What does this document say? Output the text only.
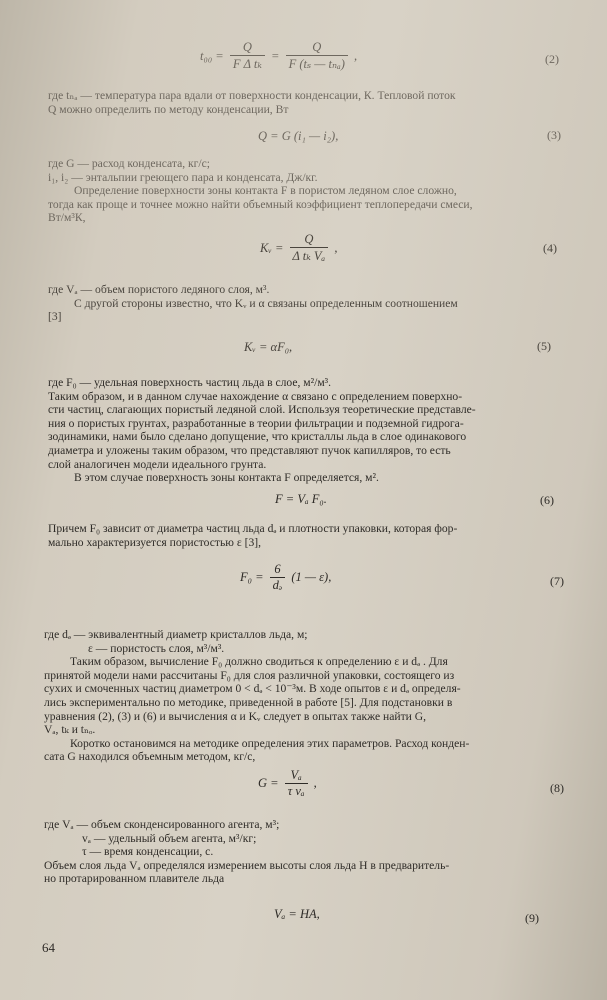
$t_{00} = \frac{Q}{\text{F Δ tₖ}} = \frac{Q}{\text{F (tₛ — tₙₐ)}}$ ,	(2)
где tₙₐ — температура пара вдали от поверхности конденсации, К. Тепловой поток
Q можно определить по методу конденсации, Вт
Q = G (i₁ — i₂),	(3)
где G — расход конденсата, кг/с;
i₁, i₂ — энтальпии греющего пара и конденсата, Дж/кг.
Определение поверхности зоны контакта F в пористом ледяном слое сложно,
тогда как проще и точнее можно найти объемный коэффициент теплопередачи смеси,
Вт/м³К,
Kᵥ = $\frac{Q}{\text{Δ tₖ Vₐ}}$ ,	(4)
где Vₐ — объем пористого ледяного слоя, м³.
С другой стороны известно, что Kᵥ и α связаны определенным соотношением
[3]
Kᵥ = αF₀,	(5)
где F₀ — удельная поверхность частиц льда в слое, м²/м³.
Таким образом, и в данном случае нахождение α связано с определением поверхно-
сти частиц, слагающих пористый ледяной слой. Используя теоретические представле-
ния о пористых грунтах, разработанные в теории фильтрации и подземной гидрога-
зодинамики, нами было сделано допущение, что кристаллы льда в слое одинакового
диаметра и уложены таким образом, что представляют пучок капилляров, то есть
слой аналогичен модели идеального грунта.
В этом случае поверхность зоны контакта F определяется, м².
F = Vₐ F₀.	(6)
Причем F₀ зависит от диаметра частиц льда dₔ и плотности упаковки, которая фор-
мально характеризуется пористостью ε [3],
$F_0 = \frac{6}{\text{dₔ}} (1$ — ε),	(7)
где dₔ — эквивалентный диаметр кристаллов льда, м;
ε — пористость слоя, м³/м³.
Таким образом, вычисление F₀ должно сводиться к определению ε и dₔ . Для
принятой модели нами рассчитаны F₀ для слоя различной упаковки, состоящего из
сухих и смоченных частиц диаметром 0 < dₔ < 10⁻³м. В ходе опытов ε и dₔ определя-
лись экспериментально по методике, приведенной в работе [5]. Для подстановки в
уравнения (2), (3) и (6) и вычисления α и Kᵥ следует в опытах также найти G,
Vₐ, tₖ и tₙₒ.
Коротко остановимся на методике определения этих параметров. Расход конден-
сата G находился объемным методом, кг/с,
$G = \frac{\text{Vₐ}}{\text{τ vₐ}}$ ,	(8)
где Vₐ — объем сконденсированного агента, м³;
vₐ — удельный объем агента, м³/кг;
τ — время конденсации, с.
Объем слоя льда Vₐ определялся измерением высоты слоя льда H в предваритель-
но протарированном плавителе льда
Vₐ = HA,	(9)
64
